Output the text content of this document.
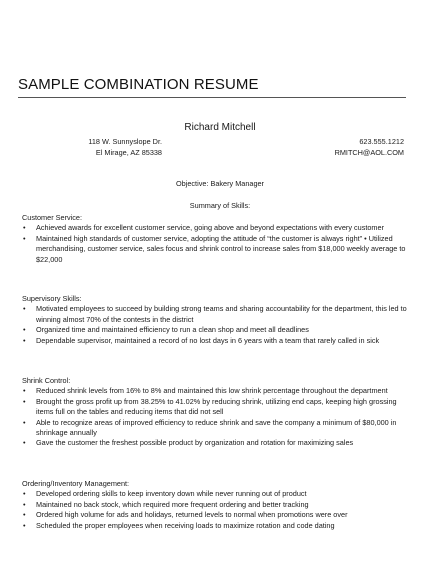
SAMPLE COMBINATION RESUME
Richard Mitchell
118 W. Sunnyslope Dr.
El Mirage, AZ 85338
623.555.1212
RMITCH@AOL.COM
Objective: Bakery Manager
Summary of Skills:

Customer Service:

• Achieved awards for excellent customer service, going above and beyond expectations with every customer
• Maintained high standards of customer service, adopting the attitude of “the customer is always right” • Utilized merchandising, customer service, sales focus and shrink control to increase sales from $18,000 weekly average to $22,000

Supervisory Skills:

• Motivated employees to succeed by building strong teams and sharing accountability for the department, this led to winning almost 70% of the contests in the district
• Organized time and maintained efficiency to run a clean shop and meet all deadlines
• Dependable supervisor, maintained a record of no lost days in 6 years with a team that rarely called in sick

Shrink Control:

• Reduced shrink levels from 16% to 8% and maintained this low shrink percentage throughout the department
• Brought the gross profit up from 38.25% to 41.02% by reducing shrink, utilizing end caps, keeping high grossing items full on the tables and reducing items that did not sell
• Able to recognize areas of improved efficiency to reduce shrink and save the company a minimum of $80,000 in shrinkage annually
• Gave the customer the freshest possible product by organization and rotation for maximizing sales

Ordering/Inventory Management:

• Developed ordering skills to keep inventory down while never running out of product
• Maintained no back stock, which required more frequent ordering and better tracking
• Ordered high volume for ads and holidays, returned levels to normal when promotions were over
• Scheduled the proper employees when receiving loads to maximize rotation and code dating
